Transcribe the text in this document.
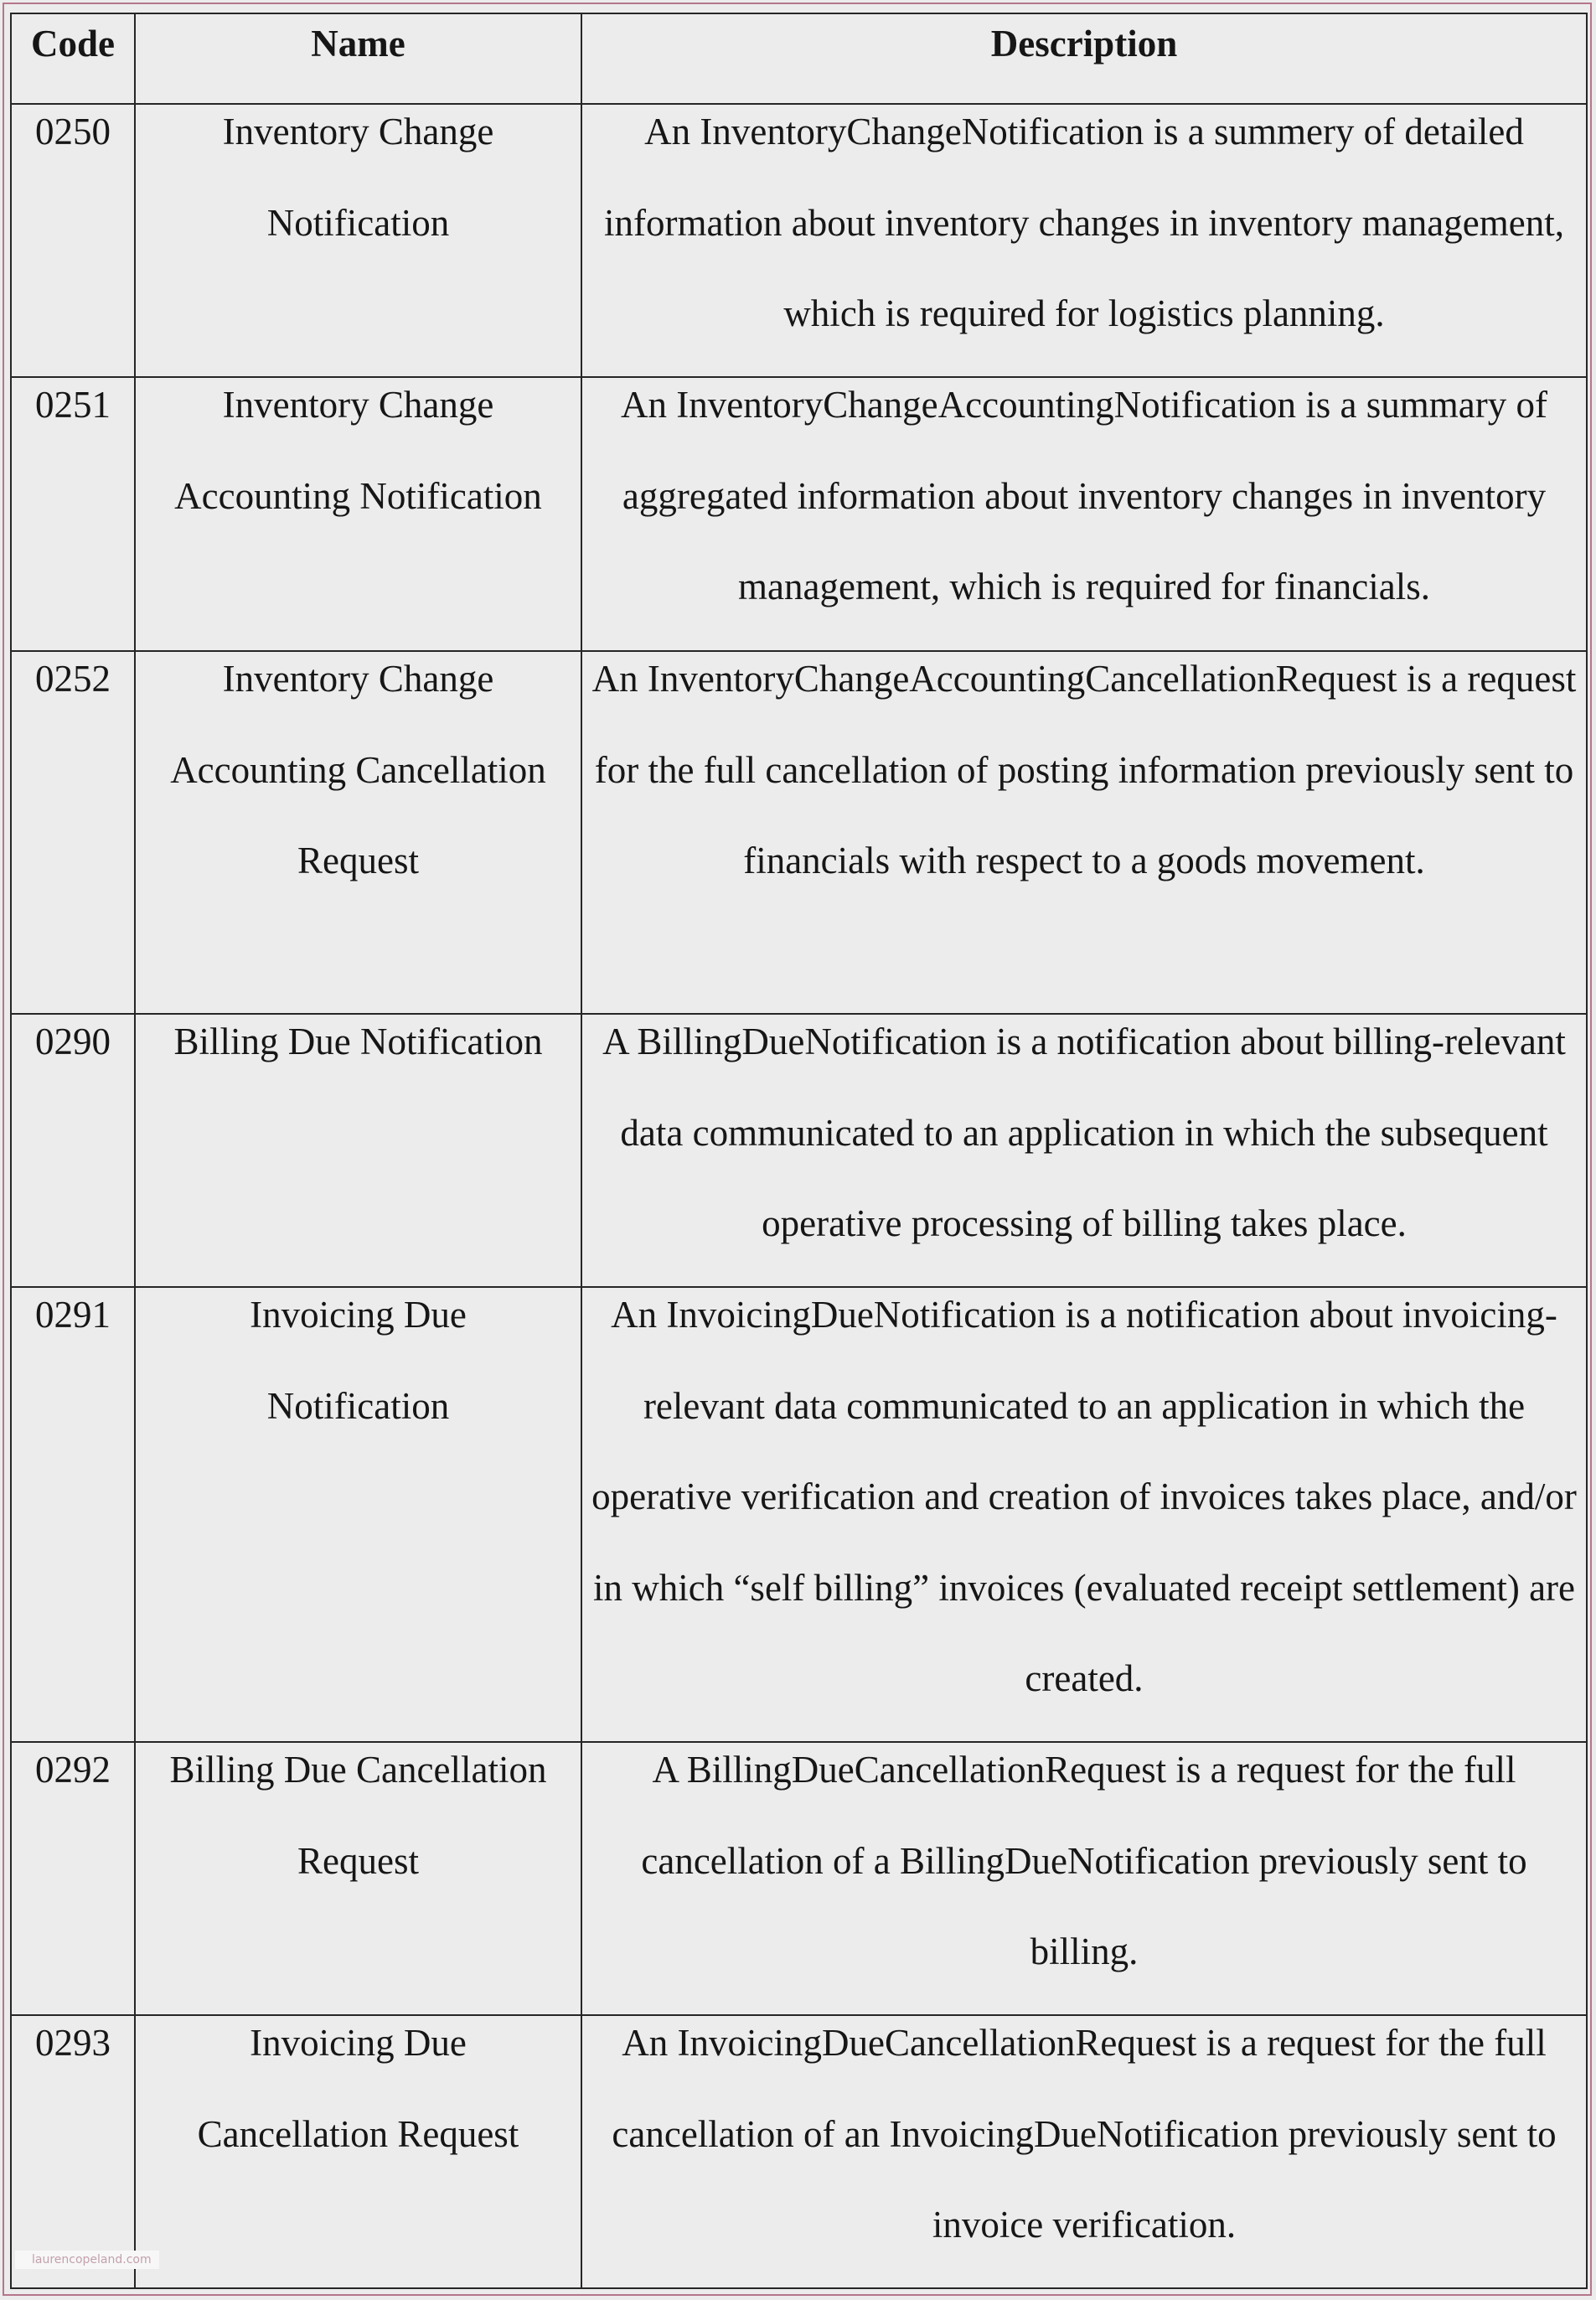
Code	Name	Description

0250	Inventory Change Notification	An InventoryChangeNotification is a summery of detailed information about inventory changes in inventory management, which is required for logistics planning.

0251	Inventory Change Accounting Notification	An InventoryChangeAccountingNotification is a summary of aggregated information about inventory changes in inventory management, which is required for financials.

0252	Inventory Change Accounting Cancellation Request	An InventoryChangeAccountingCancellationRequest is a request for the full cancellation of posting information previously sent to financials with respect to a goods movement.

0290	Billing Due Notification	A BillingDueNotification is a notification about billing-relevant data communicated to an application in which the subsequent operative processing of billing takes place.

0291	Invoicing Due Notification	An InvoicingDueNotification is a notification about invoicing-relevant data communicated to an application in which the operative verification and creation of invoices takes place, and/or in which “self billing” invoices (evaluated receipt settlement) are created.

0292	Billing Due Cancellation Request	A BillingDueCancellationRequest is a request for the full cancellation of a BillingDueNotification previously sent to billing.

0293	Invoicing Due Cancellation Request	An InvoicingDueCancellationRequest is a request for the full cancellation of an InvoicingDueNotification previously sent to invoice verification.
laurencopeland.com
